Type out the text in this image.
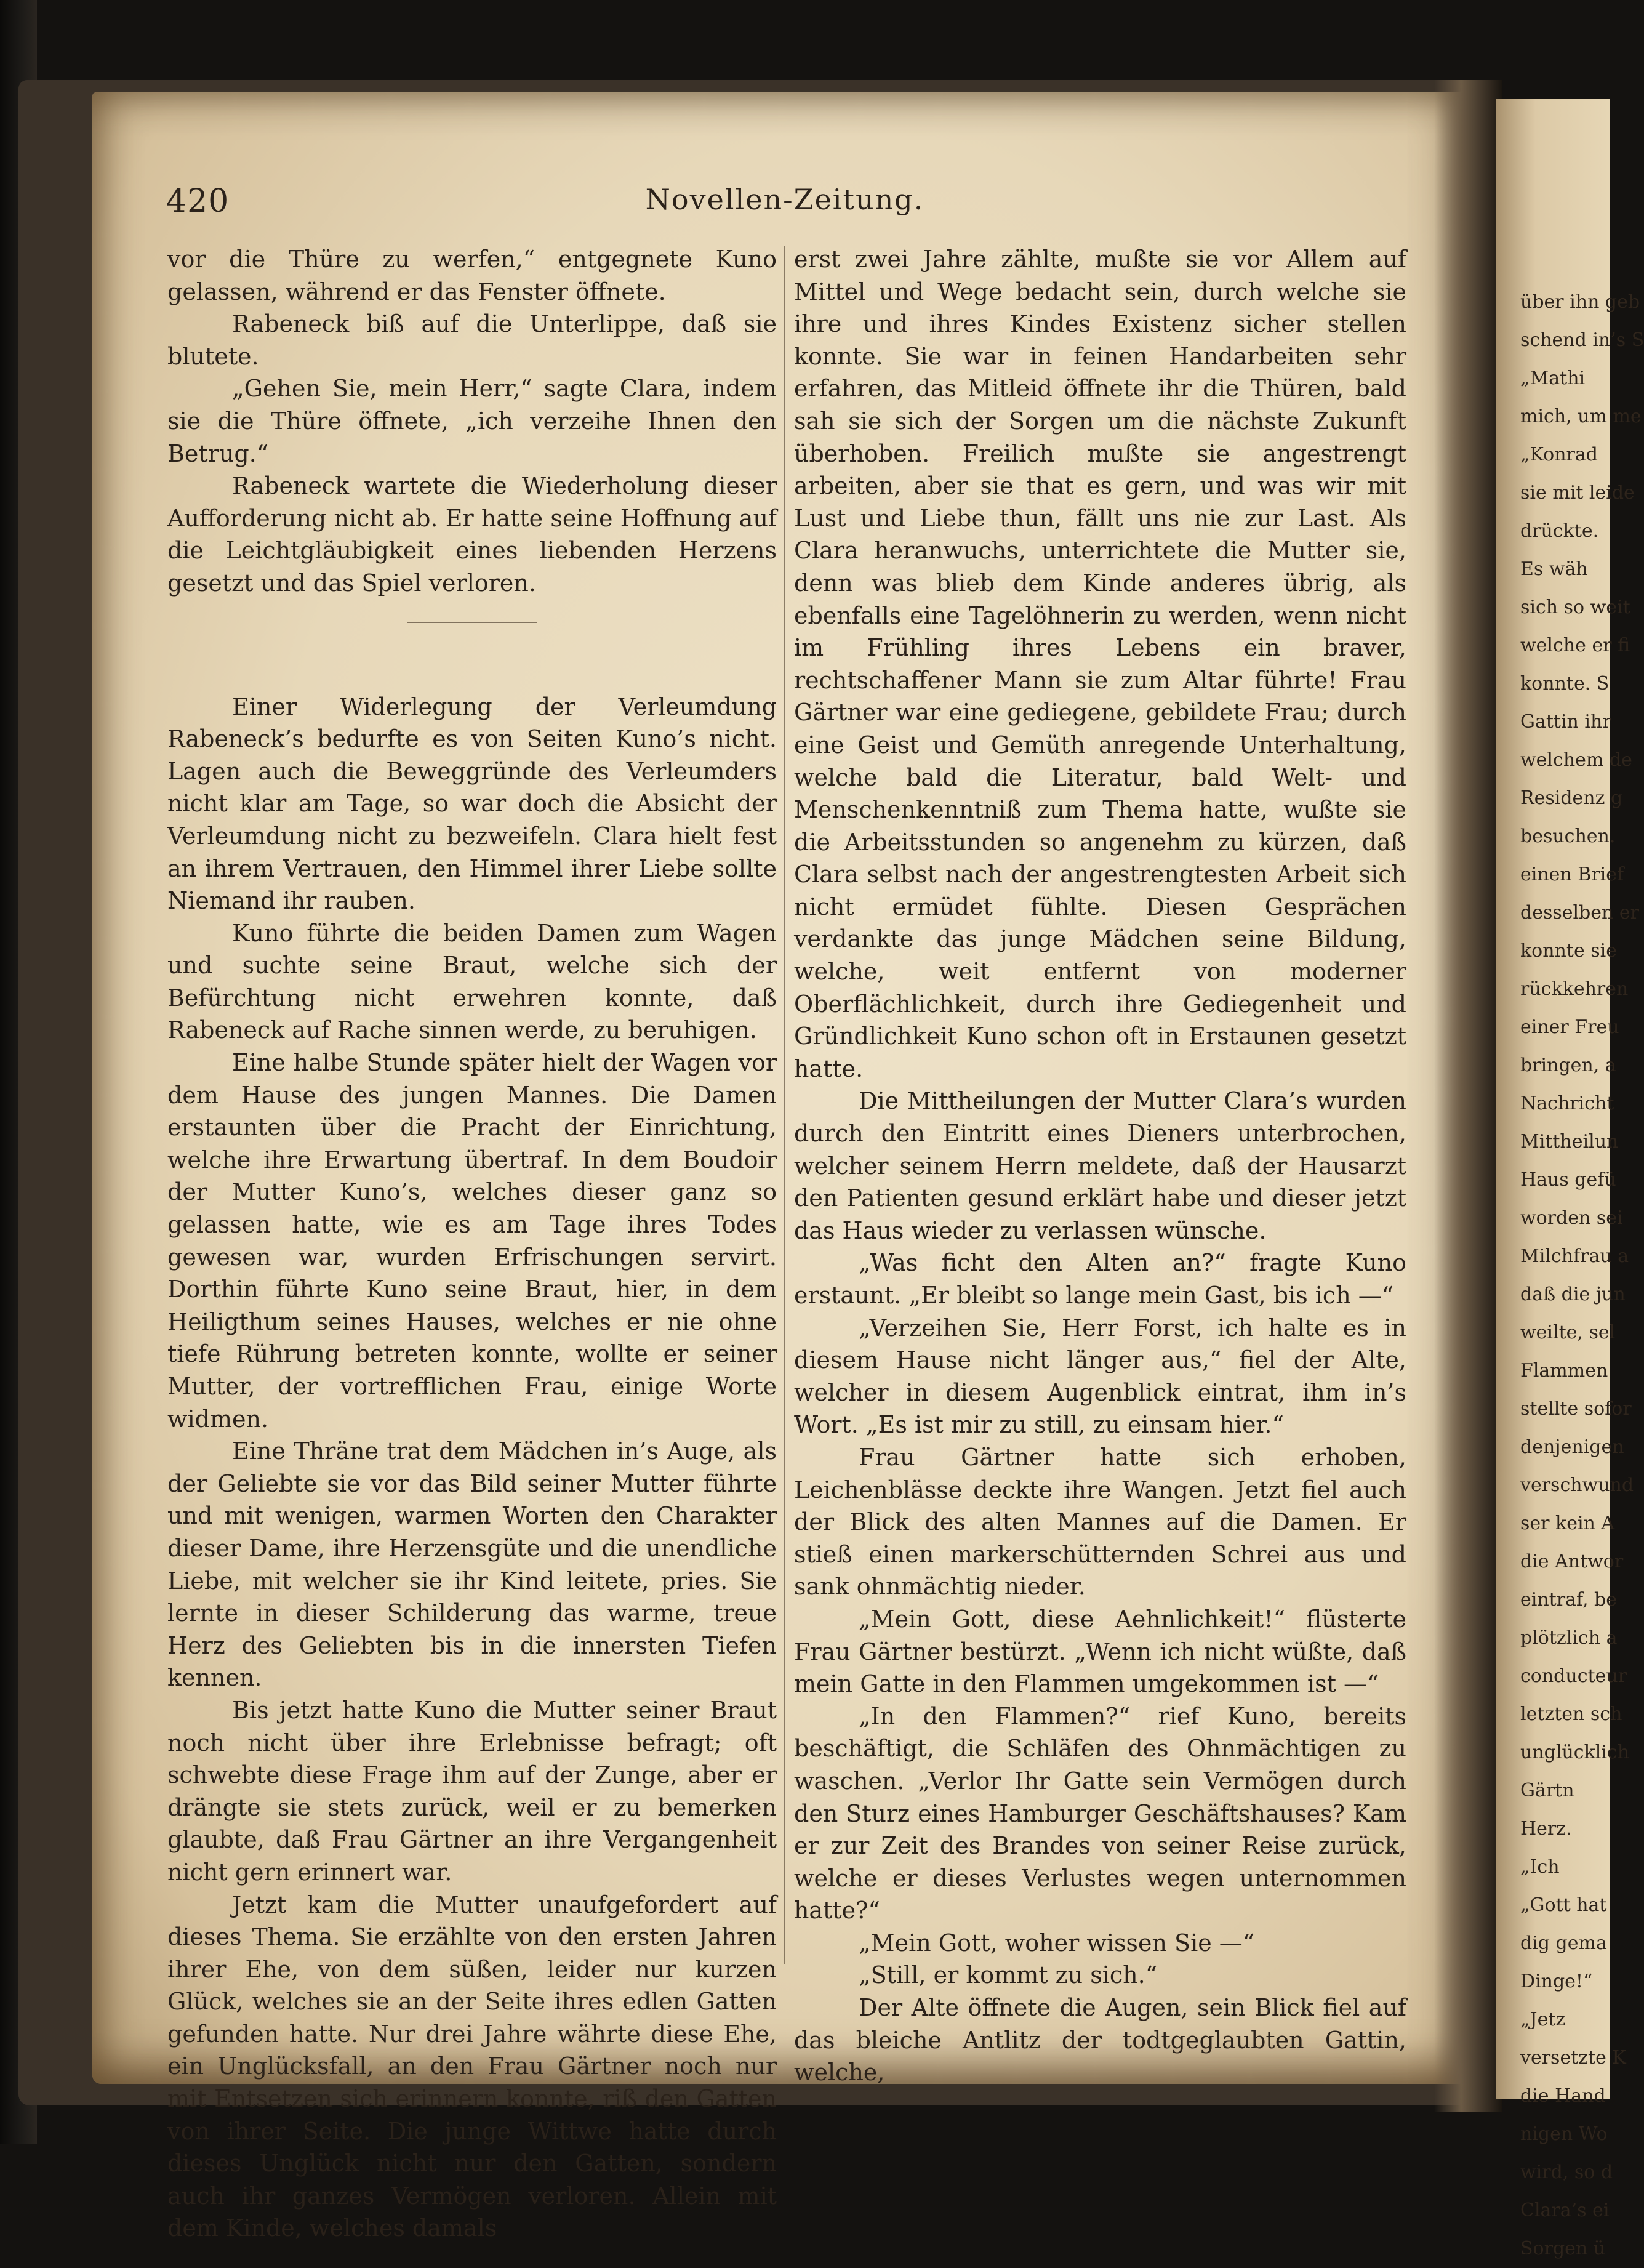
420	Novellen-Zeitung.

vor die Thüre zu werfen,“ entgegnete Kuno gelassen, während er das Fenster öffnete.

Rabeneck biß auf die Unterlippe, daß sie blutete.

„Gehen Sie, mein Herr,“ sagte Clara, indem sie die Thüre öffnete, „ich verzeihe Ihnen den Betrug.“

Rabeneck wartete die Wiederholung dieser Aufforderung nicht ab. Er hatte seine Hoffnung auf die Leichtgläubigkeit eines liebenden Herzens gesetzt und das Spiel verloren.

Einer Widerlegung der Verleumdung Rabeneck’s bedurfte es von Seiten Kuno’s nicht. Lagen auch die Beweggründe des Verleumders nicht klar am Tage, so war doch die Absicht der Verleumdung nicht zu bezweifeln. Clara hielt fest an ihrem Vertrauen, den Himmel ihrer Liebe sollte Niemand ihr rauben.

Kuno führte die beiden Damen zum Wagen und suchte seine Braut, welche sich der Befürchtung nicht erwehren konnte, daß Rabeneck auf Rache sinnen werde, zu beruhigen.

Eine halbe Stunde später hielt der Wagen vor dem Hause des jungen Mannes. Die Damen erstaunten über die Pracht der Einrichtung, welche ihre Erwartung übertraf. In dem Boudoir der Mutter Kuno’s, welches dieser ganz so gelassen hatte, wie es am Tage ihres Todes gewesen war, wurden Erfrischungen servirt. Dorthin führte Kuno seine Braut, hier, in dem Heiligthum seines Hauses, welches er nie ohne tiefe Rührung betreten konnte, wollte er seiner Mutter, der vortrefflichen Frau, einige Worte widmen.

Eine Thräne trat dem Mädchen in’s Auge, als der Geliebte sie vor das Bild seiner Mutter führte und mit wenigen, warmen Worten den Charakter dieser Dame, ihre Herzensgüte und die unendliche Liebe, mit welcher sie ihr Kind leitete, pries. Sie lernte in dieser Schilderung das warme, treue Herz des Geliebten bis in die innersten Tiefen kennen.

Bis jetzt hatte Kuno die Mutter seiner Braut noch nicht über ihre Erlebnisse befragt; oft schwebte diese Frage ihm auf der Zunge, aber er drängte sie stets zurück, weil er zu bemerken glaubte, daß Frau Gärtner an ihre Vergangenheit nicht gern erinnert war.

Jetzt kam die Mutter unaufgefordert auf dieses Thema. Sie erzählte von den ersten Jahren ihrer Ehe, von dem süßen, leider nur kurzen Glück, welches sie an der Seite ihres edlen Gatten gefunden hatte. Nur drei Jahre währte diese Ehe, ein Unglücksfall, an den Frau Gärtner noch nur mit Entsetzen sich erinnern konnte, riß den Gatten von ihrer Seite. Die junge Wittwe hatte durch dieses Unglück nicht nur den Gatten, sondern auch ihr ganzes Vermögen verloren. Allein mit dem Kinde, welches damals

erst zwei Jahre zählte, mußte sie vor Allem auf Mittel und Wege bedacht sein, durch welche sie ihre und ihres Kindes Existenz sicher stellen konnte. Sie war in feinen Handarbeiten sehr erfahren, das Mitleid öffnete ihr die Thüren, bald sah sie sich der Sorgen um die nächste Zukunft überhoben. Freilich mußte sie angestrengt arbeiten, aber sie that es gern, und was wir mit Lust und Liebe thun, fällt uns nie zur Last. Als Clara heranwuchs, unterrichtete die Mutter sie, denn was blieb dem Kinde anderes übrig, als ebenfalls eine Tagelöhnerin zu werden, wenn nicht im Frühling ihres Lebens ein braver, rechtschaffener Mann sie zum Altar führte! Frau Gärtner war eine gediegene, gebildete Frau; durch eine Geist und Gemüth anregende Unterhaltung, welche bald die Literatur, bald Welt- und Menschenkenntniß zum Thema hatte, wußte sie die Arbeitsstunden so angenehm zu kürzen, daß Clara selbst nach der angestrengtesten Arbeit sich nicht ermüdet fühlte. Diesen Gesprächen verdankte das junge Mädchen seine Bildung, welche, weit entfernt von moderner Oberflächlichkeit, durch ihre Gediegenheit und Gründlichkeit Kuno schon oft in Erstaunen gesetzt hatte.

Die Mittheilungen der Mutter Clara’s wurden durch den Eintritt eines Dieners unterbrochen, welcher seinem Herrn meldete, daß der Hausarzt den Patienten gesund erklärt habe und dieser jetzt das Haus wieder zu verlassen wünsche.

„Was ficht den Alten an?“ fragte Kuno erstaunt. „Er bleibt so lange mein Gast, bis ich —“

„Verzeihen Sie, Herr Forst, ich halte es in diesem Hause nicht länger aus,“ fiel der Alte, welcher in diesem Augenblick eintrat, ihm in’s Wort. „Es ist mir zu still, zu einsam hier.“

Frau Gärtner hatte sich erhoben, Leichenblässe deckte ihre Wangen. Jetzt fiel auch der Blick des alten Mannes auf die Damen. Er stieß einen markerschütternden Schrei aus und sank ohnmächtig nieder.

„Mein Gott, diese Aehnlichkeit!“ flüsterte Frau Gärtner bestürzt. „Wenn ich nicht wüßte, daß mein Gatte in den Flammen umgekommen ist —“

„In den Flammen?“ rief Kuno, bereits beschäftigt, die Schläfen des Ohnmächtigen zu waschen. „Verlor Ihr Gatte sein Vermögen durch den Sturz eines Hamburger Geschäftshauses? Kam er zur Zeit des Brandes von seiner Reise zurück, welche er dieses Verlustes wegen unternommen hatte?“

„Mein Gott, woher wissen Sie —“

„Still, er kommt zu sich.“

Der Alte öffnete die Augen, sein Blick fiel auf das bleiche Antlitz der todtgeglaubten Gattin, welche,

über ihn geb
schend in’s S
„Mathi
mich, um me
„Konrad
sie mit leide
drückte.
Es wäh
sich so weit
welche er fi
konnte. S
Gattin ihr
welchem de
Residenz g
besuchen.
einen Brief
desselben er
konnte sie
rückkehren
einer Freu
bringen, a
Nachricht
Mittheilun
Haus gefü
worden sei
Milchfrau a
daß die jun
weilte, sel
Flammen
stellte sofor
denjenigen
verschwund
ser kein A
die Antwor
eintraf, be
plötzlich a
conducteur
letzten sch
unglücklich
Gärtn
Herz.
„Ich
„Gott hat
dig gema
Dinge!“
„Jetz
versetzte K
die Hand
nigen Wo
wird, so d
Clara’s ei
Sorgen ü
